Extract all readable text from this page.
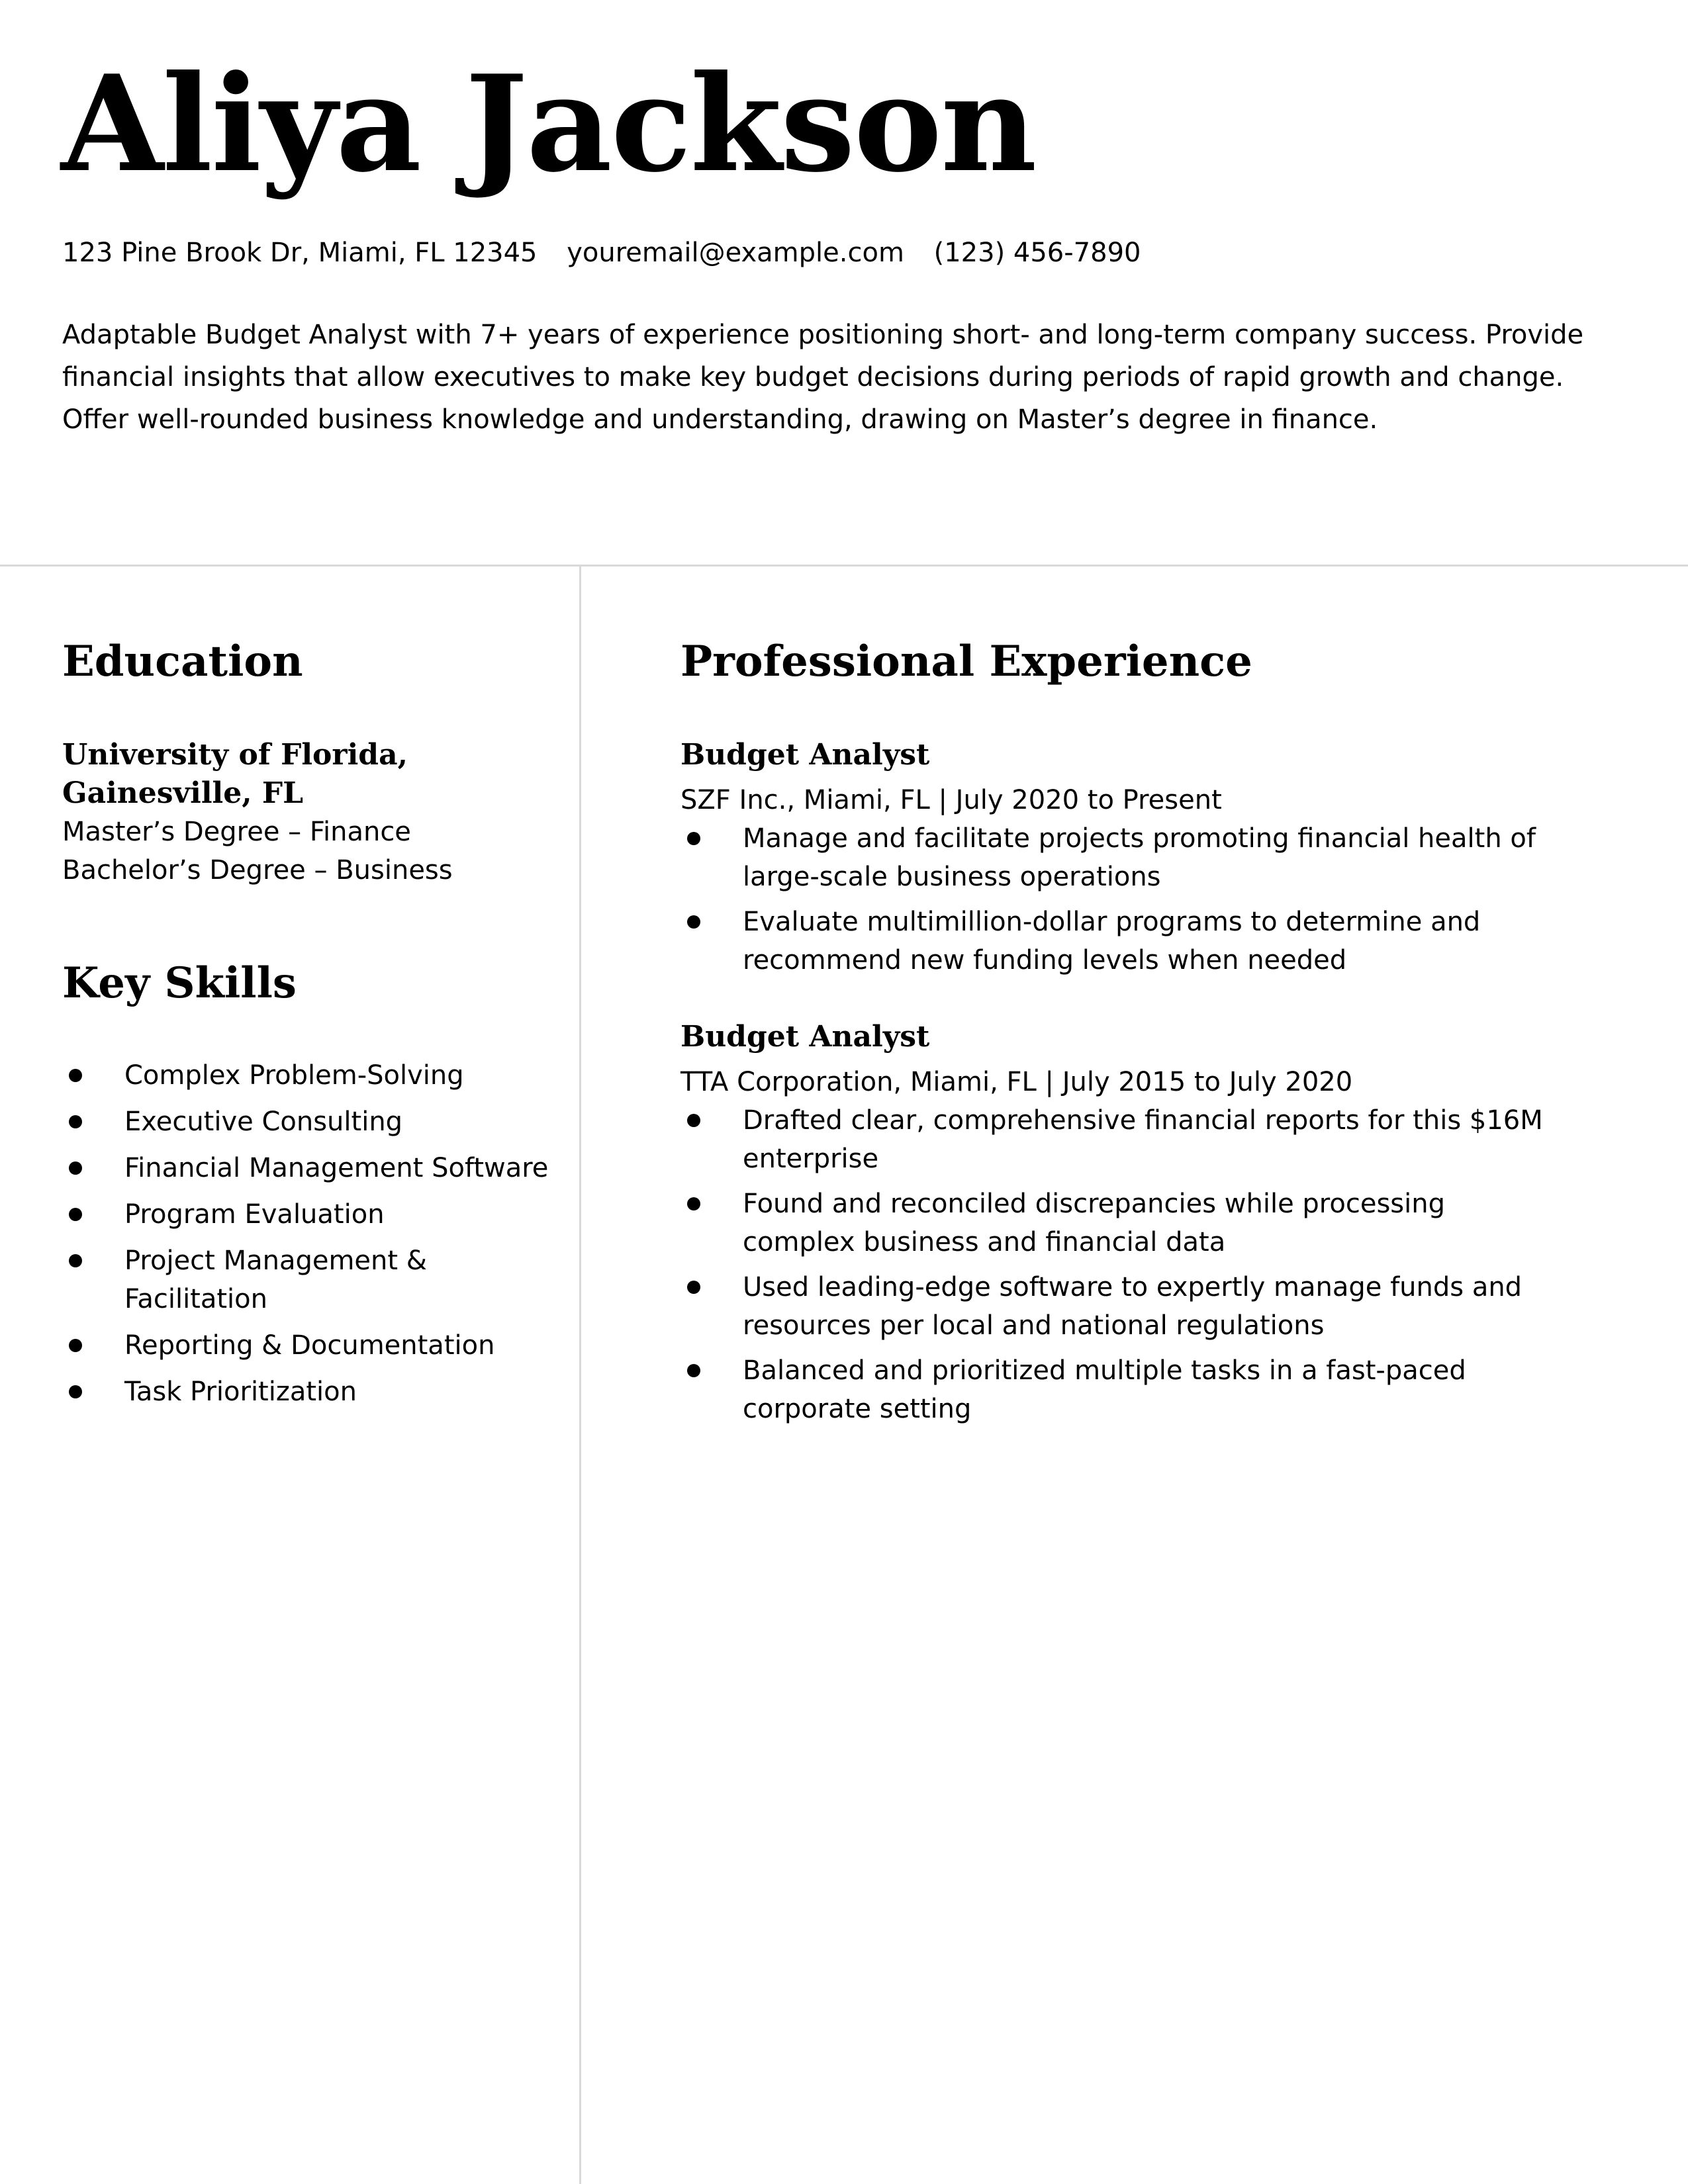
Aliya Jackson
123 Pine Brook Dr, Miami, FL 12345 youremail@example.com (123) 456-7890

Adaptable Budget Analyst with 7+ years of experience positioning short- and long-term company success. Provide financial insights that allow executives to make key budget decisions during periods of rapid growth and change. Offer well-rounded business knowledge and understanding, drawing on Master’s degree in finance.

Education
University of Florida,
Gainesville, FL
Master’s Degree – Finance
Bachelor’s Degree – Business
Key Skills
Complex Problem-Solving
Executive Consulting
Financial Management Software
Program Evaluation
Project Management & Facilitation
Reporting & Documentation
Task Prioritization
Professional Experience
Budget Analyst
SZF Inc., Miami, FL | July 2020 to Present
Manage and facilitate projects promoting financial health of large-scale business operations
Evaluate multimillion-dollar programs to determine and recommend new funding levels when needed
Budget Analyst
TTA Corporation, Miami, FL | July 2015 to July 2020
Drafted clear, comprehensive financial reports for this $16M enterprise
Found and reconciled discrepancies while processing complex business and financial data
Used leading-edge software to expertly manage funds and resources per local and national regulations
Balanced and prioritized multiple tasks in a fast-paced corporate setting
